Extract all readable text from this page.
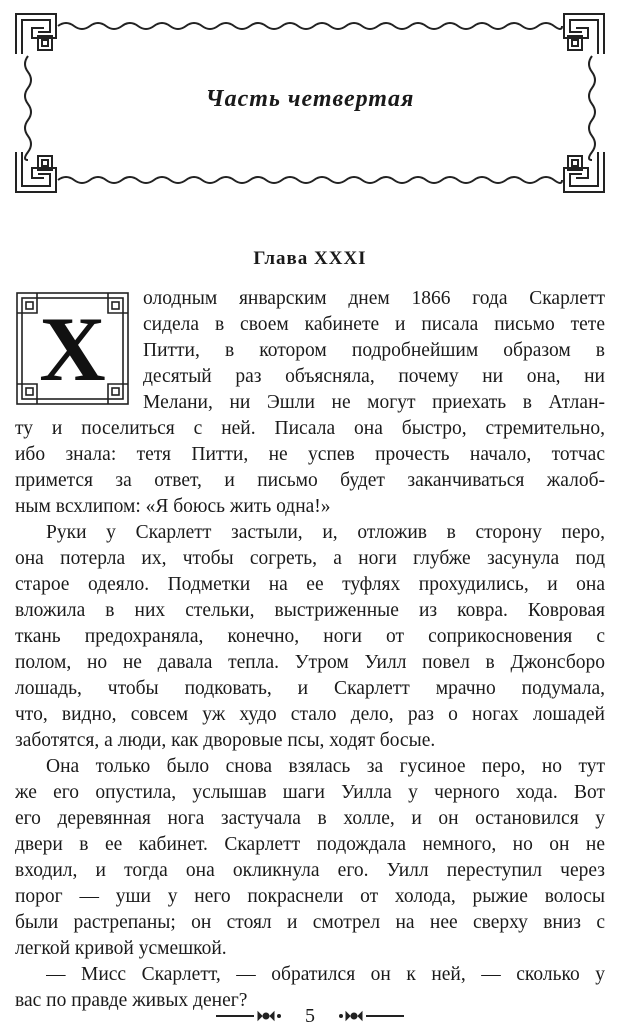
Часть четвертая
Глава XXXI
Х	олодным январским днем 1866 года Скарлетт
сидела в своем кабинете и писала письмо тете
Питти, в котором подробнейшим образом в
десятый раз объясняла, почему ни она, ни
Мелани, ни Эшли не могут приехать в Атлан-
ту и поселиться с ней. Писала она быстро, стремительно,
ибо знала: тетя Питти, не успев прочесть начало, тотчас
примется за ответ, и письмо будет заканчиваться жалоб-
ным всхлипом: «Я боюсь жить одна!»
Руки у Скарлетт застыли, и, отложив в сторону перо,
она потерла их, чтобы согреть, а ноги глубже засунула под
старое одеяло. Подметки на ее туфлях прохудились, и она
вложила в них стельки, выстриженные из ковра. Ковровая
ткань предохраняла, конечно, ноги от соприкосновения с
полом, но не давала тепла. Утром Уилл повел в Джонсборо
лошадь, чтобы подковать, и Скарлетт мрачно подумала,
что, видно, совсем уж худо стало дело, раз о ногах лошадей
заботятся, а люди, как дворовые псы, ходят босые.
Она только было снова взялась за гусиное перо, но тут
же его опустила, услышав шаги Уилла у черного хода. Вот
его деревянная нога застучала в холле, и он остановился у
двери в ее кабинет. Скарлетт подождала немного, но он не
входил, и тогда она окликнула его. Уилл переступил через
порог — уши у него покраснели от холода, рыжие волосы
были растрепаны; он стоял и смотрел на нее сверху вниз с
легкой кривой усмешкой.
— Мисс Скарлетт, — обратился он к ней, — сколько у
вас по правде живых денег?
5
